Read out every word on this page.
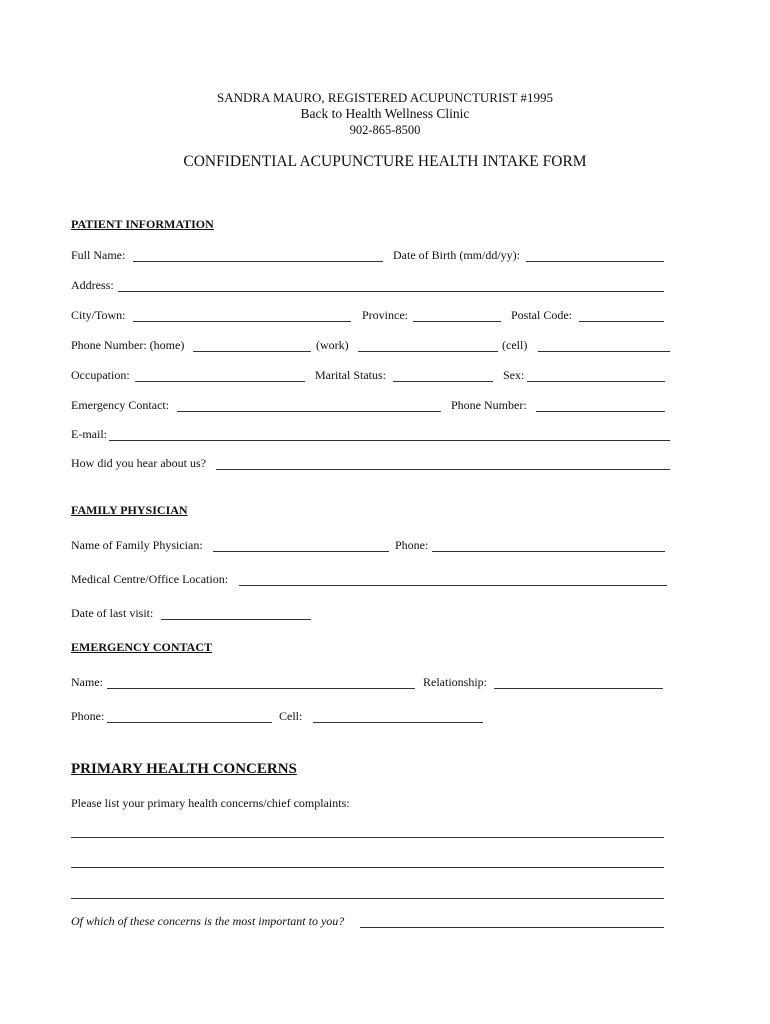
SANDRA MAURO, REGISTERED ACUPUNCTURIST #1995
Back to Health Wellness Clinic
902-865-8500
CONFIDENTIAL ACUPUNCTURE HEALTH INTAKE FORM
PATIENT INFORMATION
Full Name:	Date of Birth (mm/dd/yy):
Address:
City/Town:	Province:	Postal Code:
Phone Number: (home)	(work)	(cell)
Occupation:	Marital Status:	Sex:
Emergency Contact:	Phone Number:
E-mail:
How did you hear about us?
FAMILY PHYSICIAN
Name of Family Physician:	Phone:
Medical Centre/Office Location:
Date of last visit:
EMERGENCY CONTACT
Name:	Relationship:
Phone:	Cell:
PRIMARY HEALTH CONCERNS
Please list your primary health concerns/chief complaints:
Of which of these concerns is the most important to you?
